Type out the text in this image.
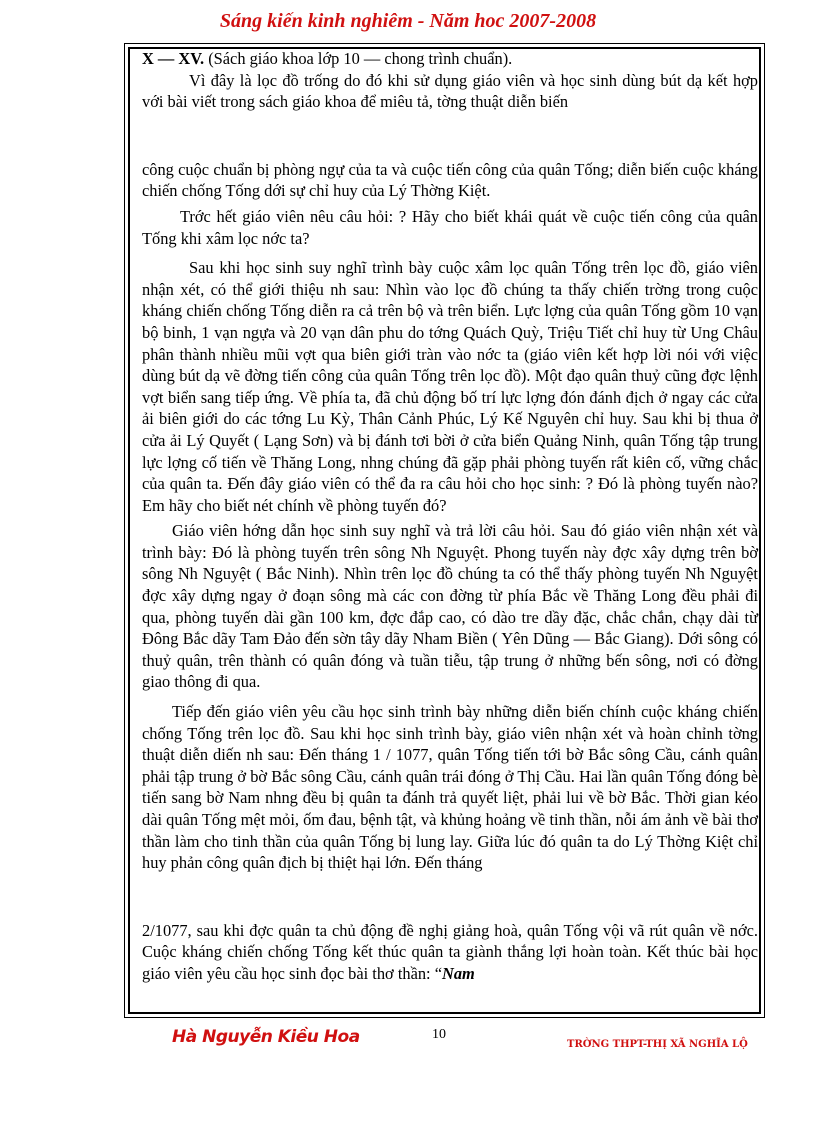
Sáng kiến kinh nghiêm - Năm hoc 2007-2008

X — XV. (Sách giáo khoa lớp 10 — chong trình chuẩn).

Vì đây là lọc đồ trống do đó khi sử dụng giáo viên và học sinh dùng bút dạ kết hợp với bài viết trong sách giáo khoa để miêu tả, tờng thuật diễn biến

công cuộc chuẩn bị phòng ngự của ta và cuộc tiến công của quân Tống; diễn biến cuộc kháng chiến chống Tống dới sự chỉ huy của Lý Thờng Kiệt.

Trớc hết giáo viên nêu câu hỏi: ? Hãy cho biết khái quát về cuộc tiến công của quân Tống khi xâm lọc nớc ta?

Sau khi học sinh suy nghĩ trình bày cuộc xâm lọc quân Tống trên lọc đồ, giáo viên nhận xét, có thể giới thiệu nh sau: Nhìn vào lọc đồ chúng ta thấy chiến trờng trong cuộc kháng chiến chống Tống diễn ra cả trên bộ và trên biển. Lực lợng của quân Tống gồm 10 vạn bộ binh, 1 vạn ngựa và 20 vạn dân phu do tớng Quách Quỳ, Triệu Tiết chỉ huy từ Ung Châu phân thành nhiều mũi vợt qua biên giới tràn vào nớc ta (giáo viên kết hợp lời nói với việc dùng bút dạ vẽ đờng tiến công của quân Tống trên lọc đồ). Một đạo quân thuỷ cũng đợc lệnh vợt biển sang tiếp ứng. Về phía ta, đã chủ động bố trí lực lợng đón đánh địch ở ngay các cửa ải biên giới do các tớng Lu Kỳ, Thân Cảnh Phúc, Lý Kế Nguyên chỉ huy. Sau khi bị thua ở cửa ải Lý Quyết ( Lạng Sơn) và bị đánh tơi bời ở cửa biển Quảng Ninh, quân Tống tập trung lực lợng cố tiến về Thăng Long, nhng chúng đã gặp phải phòng tuyến rất kiên cố, vững chắc của quân ta. Đến đây giáo viên có thể đa ra câu hỏi cho học sinh: ? Đó là phòng tuyến nào? Em hãy cho biết nét chính về phòng tuyến đó?

Giáo viên hớng dẫn học sinh suy nghĩ và trả lời câu hỏi. Sau đó giáo viên nhận xét và trình bày: Đó là phòng tuyến trên sông Nh Nguyệt. Phong tuyến này đợc xây dựng trên bờ sông Nh Nguyệt ( Bắc Ninh). Nhìn trên lọc đồ chúng ta có thể thấy phòng tuyến Nh Nguyệt đợc xây dựng ngay ở đoạn sông mà các con đờng từ phía Bắc về Thăng Long đều phải đi qua, phòng tuyến dài gần 100 km, đợc đắp cao, có dào tre dầy đặc, chắc chắn, chạy dài từ Đông Bắc dãy Tam Đảo đến sờn tây dãy Nham Biền ( Yên Dũng — Bắc Giang). Dới sông có thuỷ quân, trên thành có quân đóng và tuần tiễu, tập trung ở những bến sông, nơi có đờng giao thông đi qua.

Tiếp đến giáo viên yêu cầu học sinh trình bày những diễn biến chính cuộc kháng chiến chống Tống trên lọc đồ. Sau khi học sinh trình bày, giáo viên nhận xét và hoàn chỉnh tờng thuật diễn diến nh sau: Đến tháng 1 / 1077, quân Tống tiến tới bờ Bắc sông Cầu, cánh quân phải tập trung ở bờ Bắc sông Cầu, cánh quân trái đóng ở Thị Cầu. Hai lần quân Tống đóng bè tiến sang bờ Nam nhng đều bị quân ta đánh trả quyết liệt, phải lui về bờ Bắc. Thời gian kéo dài quân Tống mệt mỏi, ốm đau, bệnh tật, và khủng hoảng về tinh thần, nỗi ám ảnh về bài thơ thần làm cho tinh thần của quân Tống bị lung lay. Giữa lúc đó quân ta do Lý Thờng Kiệt chỉ huy phản công quân địch bị thiệt hại lớn. Đến tháng

2/1077, sau khi đợc quân ta chủ động đề nghị giảng hoà, quân Tống vội vã rút quân về nớc. Cuộc kháng chiến chống Tống kết thúc quân ta giành thắng lợi hoàn toàn. Kết thúc bài học giáo viên yêu cầu học sinh đọc bài thơ thần: “Nam

Hà Nguyễn Kiều Hoa	10
TRỜNG THPT-THỊ XÃ NGHĨA LỘ
